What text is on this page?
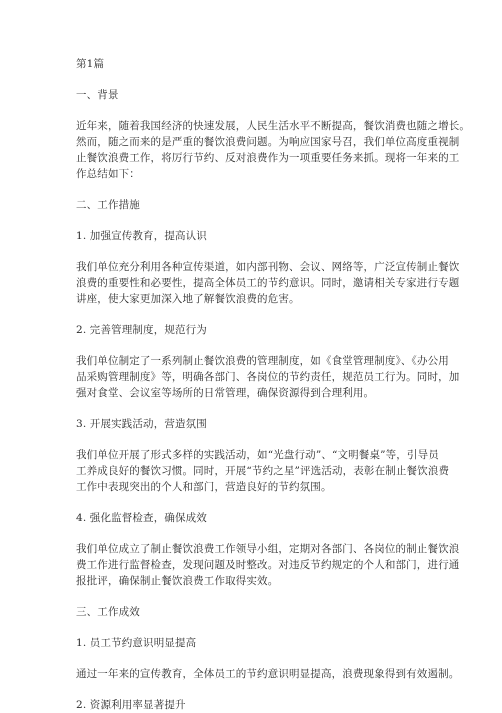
第1篇

一、背景

近年来，随着我国经济的快速发展，人民生活水平不断提高，餐饮消费也随之增长。

然而，随之而来的是严重的餐饮浪费问题。为响应国家号召，我们单位高度重视制

止餐饮浪费工作，将厉行节约、反对浪费作为一项重要任务来抓。现将一年来的工

作总结如下：

二、工作措施

1. 加强宣传教育，提高认识

我们单位充分利用各种宣传渠道，如内部刊物、会议、网络等，广泛宣传制止餐饮

浪费的重要性和必要性，提高全体员工的节约意识。同时，邀请相关专家进行专题

讲座，使大家更加深入地了解餐饮浪费的危害。

2. 完善管理制度，规范行为

我们单位制定了一系列制止餐饮浪费的管理制度，如《食堂管理制度》、《办公用

品采购管理制度》等，明确各部门、各岗位的节约责任，规范员工行为。同时，加

强对食堂、会议室等场所的日常管理，确保资源得到合理利用。

3. 开展实践活动，营造氛围

我们单位开展了形式多样的实践活动，如“光盘行动”、“文明餐桌”等，引导员

工养成良好的餐饮习惯。同时，开展“节约之星”评选活动，表彰在制止餐饮浪费

工作中表现突出的个人和部门，营造良好的节约氛围。

4. 强化监督检查，确保成效

我们单位成立了制止餐饮浪费工作领导小组，定期对各部门、各岗位的制止餐饮浪

费工作进行监督检查，发现问题及时整改。对违反节约规定的个人和部门，进行通

报批评，确保制止餐饮浪费工作取得实效。

三、工作成效

1. 员工节约意识明显提高

通过一年来的宣传教育，全体员工的节约意识明显提高，浪费现象得到有效遏制。

2. 资源利用率显著提升
